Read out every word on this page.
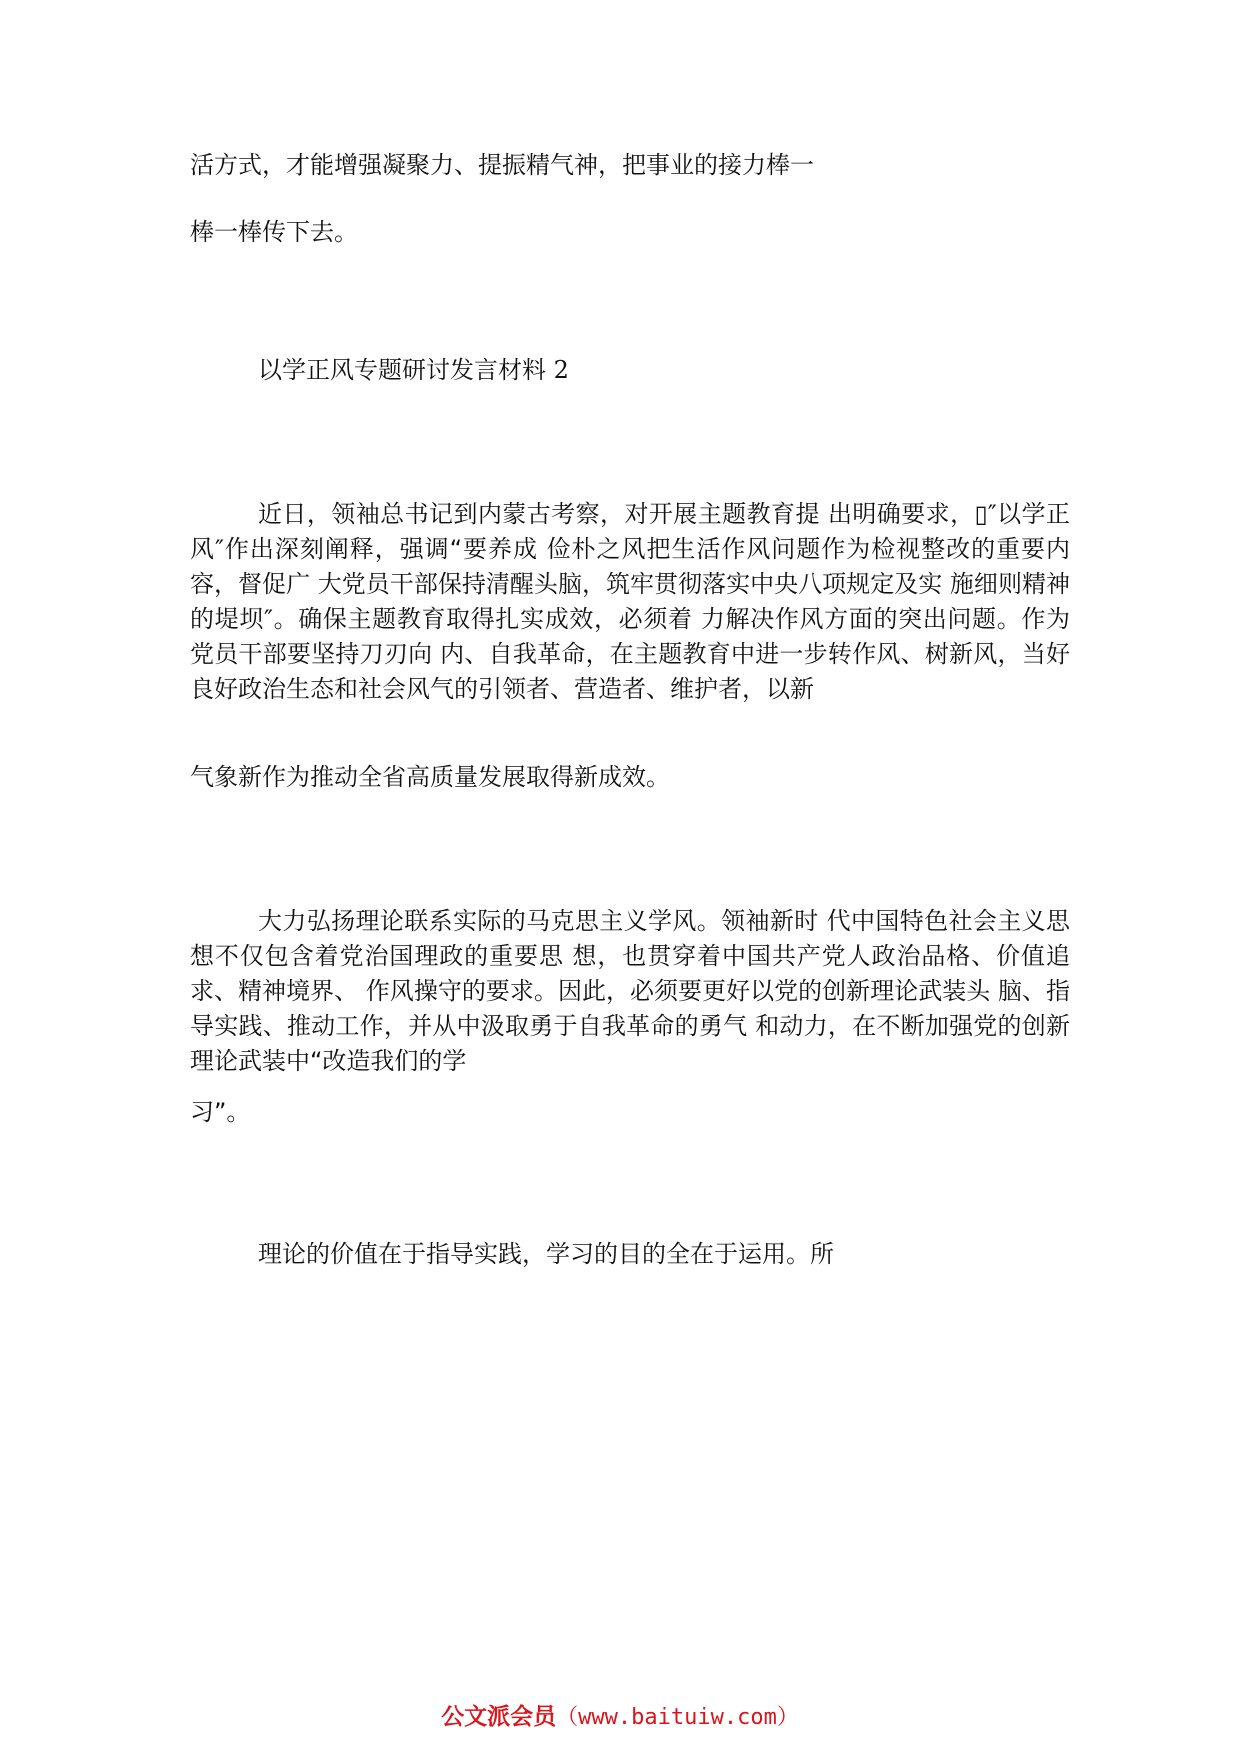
活方式，才能增强凝聚力、提振精气神，把事业的接力棒一
棒一棒传下去。
以学正风专题研讨发言材料 2

近日，领袖总书记到内蒙古考察，对开展主题教育提 出明确要求，▯″以学正风″作出深刻阐释，强调“要养成 俭朴之风把生活作风问题作为检视整改的重要内容，督促广 大党员干部保持清醒头脑，筑牢贯彻落实中央八项规定及实 施细则精神的堤坝″。确保主题教育取得扎实成效，必须着 力解决作风方面的突出问题。作为党员干部要坚持刀刃向 内、自我革命，在主题教育中进一步转作风、树新风，当好 良好政治生态和社会风气的引领者、营造者、维护者，以新

气象新作为推动全省高质量发展取得新成效。

大力弘扬理论联系实际的马克思主义学风。领袖新时 代中国特色社会主义思想不仅包含着党治国理政的重要思 想，也贯穿着中国共产党人政治品格、价值追求、精神境界、 作风操守的要求。因此，必须要更好以党的创新理论武装头 脑、指导实践、推动工作，并从中汲取勇于自我革命的勇气 和动力，在不断加强党的创新理论武装中“改造我们的学

习”。
理论的价值在于指导实践，学习的目的全在于运用。所
公文派会员（www.baituiw.com）
